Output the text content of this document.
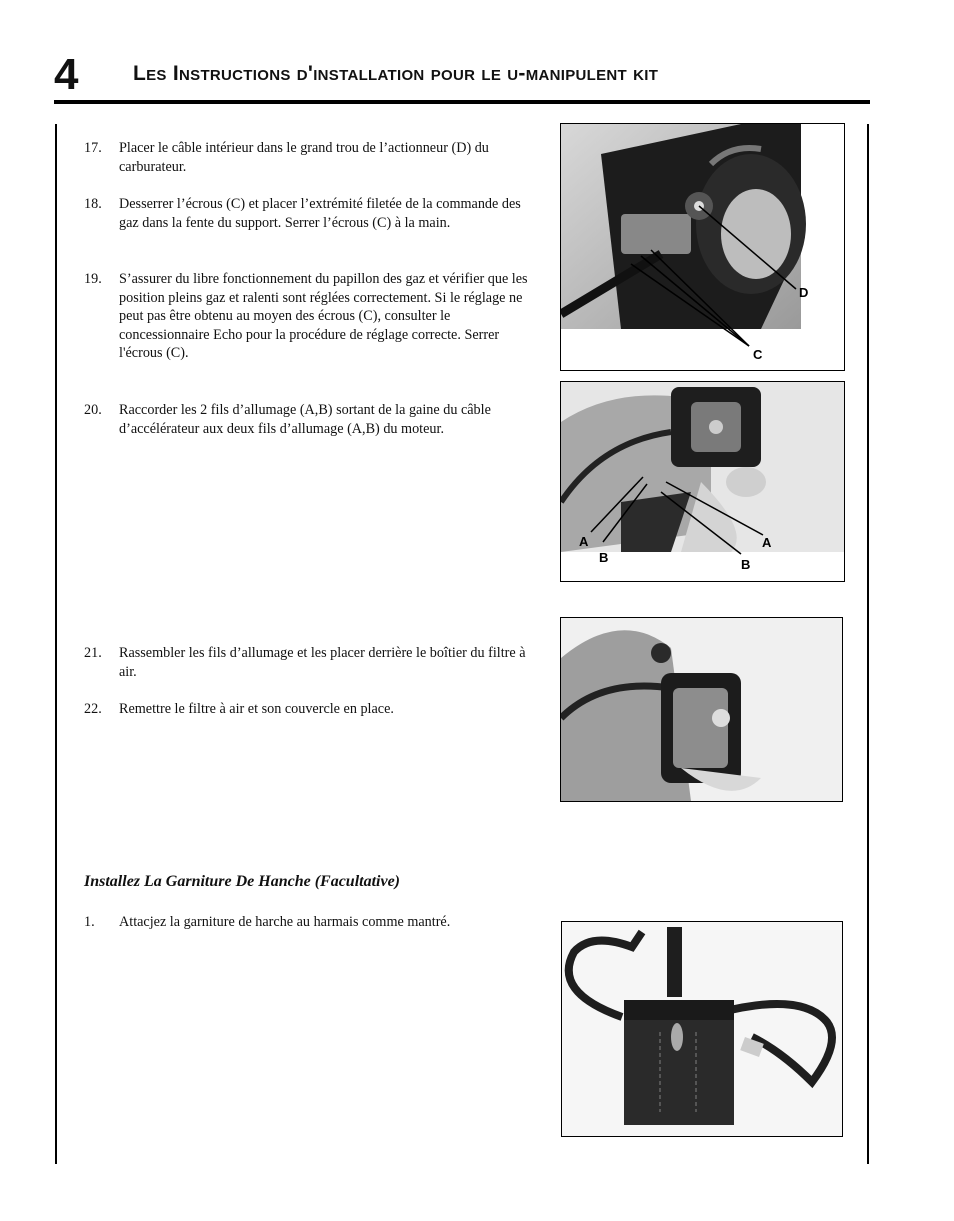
4	Les Instructions d'installation pour le u-manipulent kit
17. Placer le câble intérieur dans le grand trou de l’actionneur (D) du carburateur.
18. Desserrer l’écrous (C) et placer l’extrémité filetée de la commande des gaz dans la fente du support. Serrer l’écrous (C) à la main.
19. S’assurer du libre fonctionnement du papillon des gaz et vérifier que les position pleins gaz et ralenti sont réglées correctement. Si le réglage ne peut pas être obtenu au moyen des écrous (C), consulter le concessionnaire Echo pour la procédure de réglage correcte. Serrer l'écrous (C).
20. Raccorder les 2 fils d’allumage (A,B) sortant de la gaine du câble d’accélérateur aux deux fils d’allumage (A,B) du moteur.
21. Rassembler les fils d’allumage et les placer derrière le boîtier du filtre à air.
22. Remettre le filtre à air et son couvercle en place.
Installez La Garniture De Hanche (Facultative)
1. Attacjez la garniture de harche au harmais comme mantré.
D
C
A
B
A
B
